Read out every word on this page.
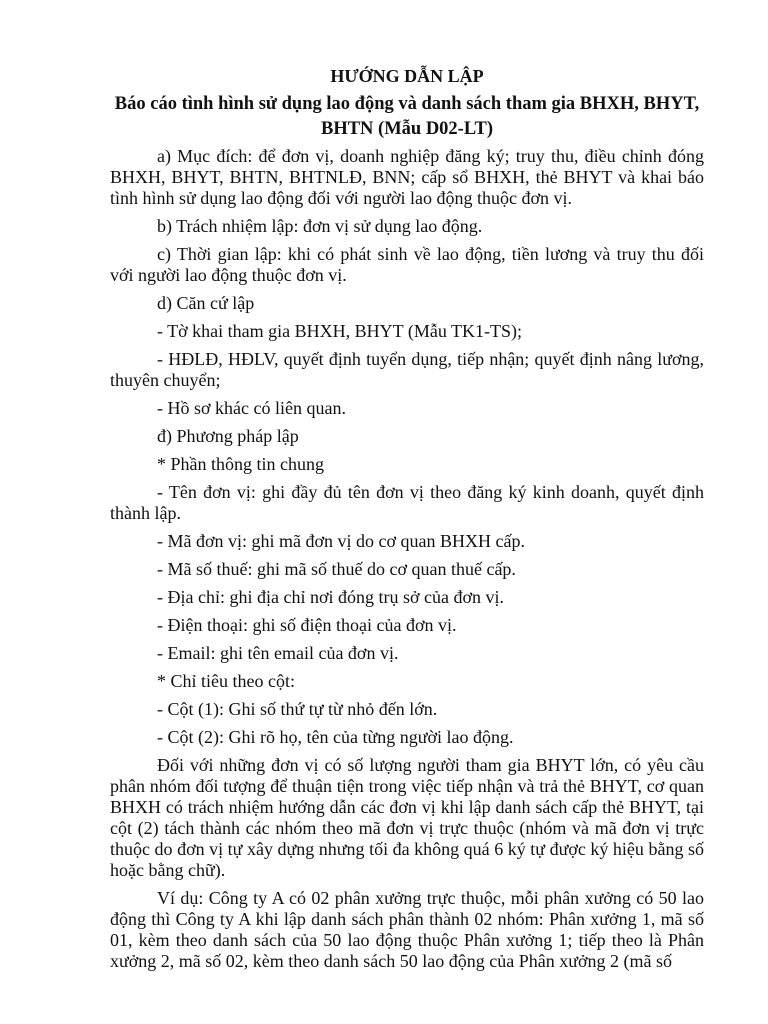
HƯỚNG DẪN LẬP
Báo cáo tình hình sử dụng lao động và danh sách tham gia BHXH, BHYT, BHTN (Mẫu D02-LT)

a) Mục đích: để đơn vị, doanh nghiệp đăng ký; truy thu, điều chỉnh đóng BHXH, BHYT, BHTN, BHTNLĐ, BNN; cấp sổ BHXH, thẻ BHYT và khai báo tình hình sử dụng lao động đối với người lao động thuộc đơn vị.

b) Trách nhiệm lập: đơn vị sử dụng lao động.

c) Thời gian lập: khi có phát sinh về lao động, tiền lương và truy thu đối với người lao động thuộc đơn vị.

d) Căn cứ lập

- Tờ khai tham gia BHXH, BHYT (Mẫu TK1-TS);

- HĐLĐ, HĐLV, quyết định tuyển dụng, tiếp nhận; quyết định nâng lương, thuyên chuyển;

- Hồ sơ khác có liên quan.

đ) Phương pháp lập

* Phần thông tin chung

- Tên đơn vị: ghi đầy đủ tên đơn vị theo đăng ký kinh doanh, quyết định thành lập.

- Mã đơn vị: ghi mã đơn vị do cơ quan BHXH cấp.

- Mã số thuế: ghi mã số thuế do cơ quan thuế cấp.

- Địa chỉ: ghi địa chỉ nơi đóng trụ sở của đơn vị.

- Điện thoại: ghi số điện thoại của đơn vị.

- Email: ghi tên email của đơn vị.

* Chỉ tiêu theo cột:

- Cột (1): Ghi số thứ tự từ nhỏ đến lớn.

- Cột (2): Ghi rõ họ, tên của từng người lao động.

Đối với những đơn vị có số lượng người tham gia BHYT lớn, có yêu cầu phân nhóm đối tượng để thuận tiện trong việc tiếp nhận và trả thẻ BHYT, cơ quan BHXH có trách nhiệm hướng dẫn các đơn vị khi lập danh sách cấp thẻ BHYT, tại cột (2) tách thành các nhóm theo mã đơn vị trực thuộc (nhóm và mã đơn vị trực thuộc do đơn vị tự xây dựng nhưng tối đa không quá 6 ký tự được ký hiệu bằng số hoặc bằng chữ).

Ví dụ: Công ty A có 02 phân xưởng trực thuộc, mỗi phân xưởng có 50 lao động thì Công ty A khi lập danh sách phân thành 02 nhóm: Phân xưởng 1, mã số 01, kèm theo danh sách của 50 lao động thuộc Phân xưởng 1; tiếp theo là Phân xưởng 2, mã số 02, kèm theo danh sách 50 lao động của Phân xưởng 2 (mã số
